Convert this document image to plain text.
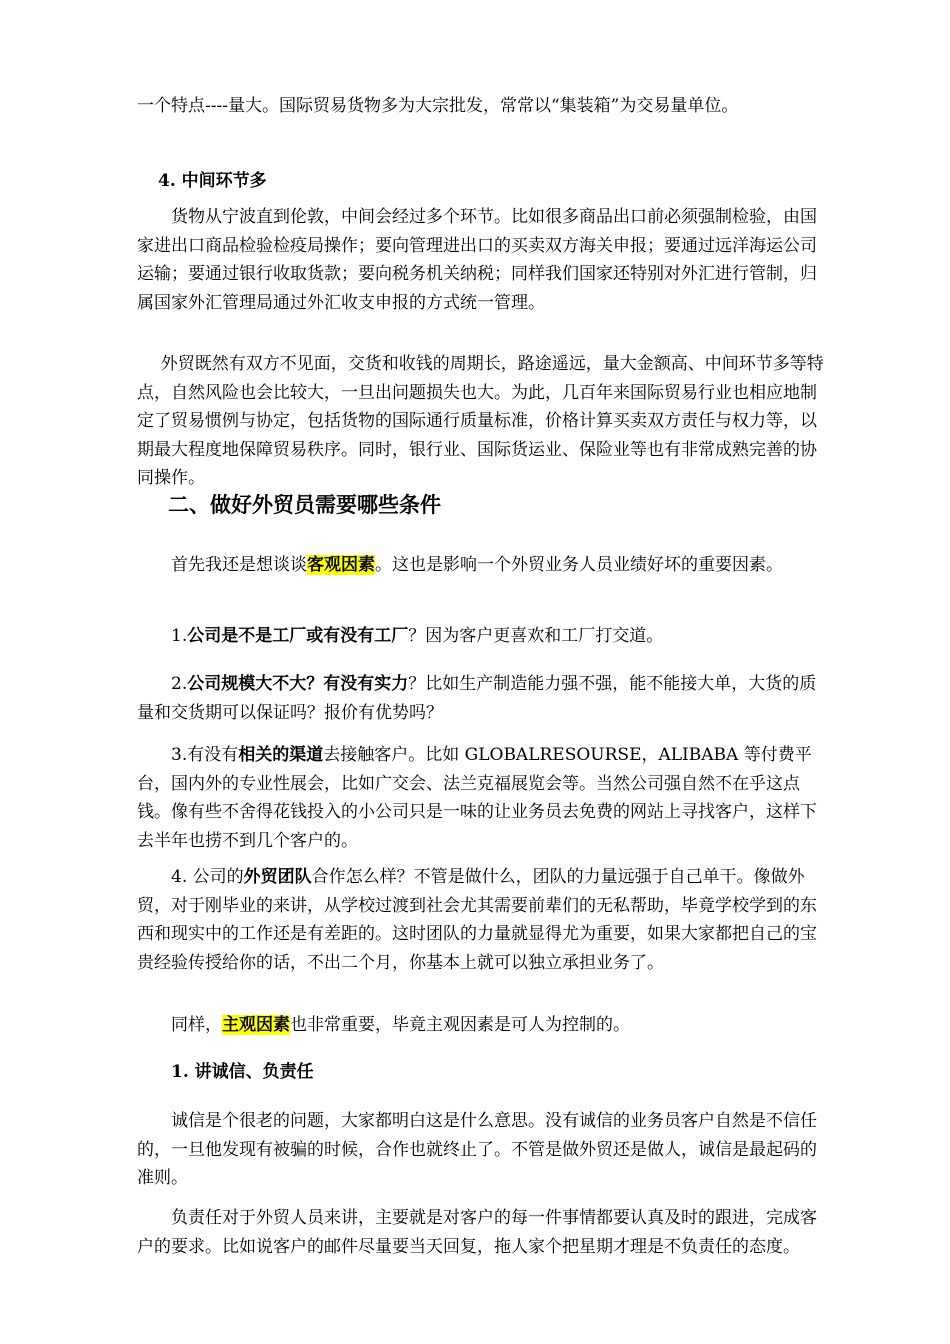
一个特点----量大。国际贸易货物多为大宗批发，常常以“集装箱”为交易量单位。

4. 中间环节多

货物从宁波直到伦敦，中间会经过多个环节。比如很多商品出口前必须强制检验，由国家进出口商品检验检疫局操作；要向管理进出口的买卖双方海关申报；要通过远洋海运公司运输；要通过银行收取货款；要向税务机关纳税；同样我们国家还特别对外汇进行管制，归属国家外汇管理局通过外汇收支申报的方式统一管理。

外贸既然有双方不见面，交货和收钱的周期长，路途遥远，量大金额高、中间环节多等特点，自然风险也会比较大，一旦出问题损失也大。为此，几百年来国际贸易行业也相应地制定了贸易惯例与协定，包括货物的国际通行质量标准，价格计算买卖双方责任与权力等，以期最大程度地保障贸易秩序。同时，银行业、国际货运业、保险业等也有非常成熟完善的协同操作。

二、做好外贸员需要哪些条件

首先我还是想谈谈客观因素。这也是影响一个外贸业务人员业绩好坏的重要因素。

1.公司是不是工厂或有没有工厂？因为客户更喜欢和工厂打交道。

2.公司规模大不大？有没有实力？比如生产制造能力强不强，能不能接大单，大货的质量和交货期可以保证吗？报价有优势吗？

3.有没有相关的渠道去接触客户。比如 GLOBALRESOURSE，ALIBABA 等付费平台，国内外的专业性展会，比如广交会、法兰克福展览会等。当然公司强自然不在乎这点钱。像有些不舍得花钱投入的小公司只是一味的让业务员去免费的网站上寻找客户，这样下去半年也捞不到几个客户的。

4. 公司的外贸团队合作怎么样？不管是做什么，团队的力量远强于自己单干。像做外贸，对于刚毕业的来讲，从学校过渡到社会尤其需要前辈们的无私帮助，毕竟学校学到的东西和现实中的工作还是有差距的。这时团队的力量就显得尤为重要，如果大家都把自己的宝贵经验传授给你的话，不出二个月，你基本上就可以独立承担业务了。

同样，主观因素也非常重要，毕竟主观因素是可人为控制的。

1. 讲诚信、负责任

诚信是个很老的问题，大家都明白这是什么意思。没有诚信的业务员客户自然是不信任的，一旦他发现有被骗的时候，合作也就终止了。不管是做外贸还是做人，诚信是最起码的准则。

负责任对于外贸人员来讲，主要就是对客户的每一件事情都要认真及时的跟进，完成客户的要求。比如说客户的邮件尽量要当天回复，拖人家个把星期才理是不负责任的态度。
